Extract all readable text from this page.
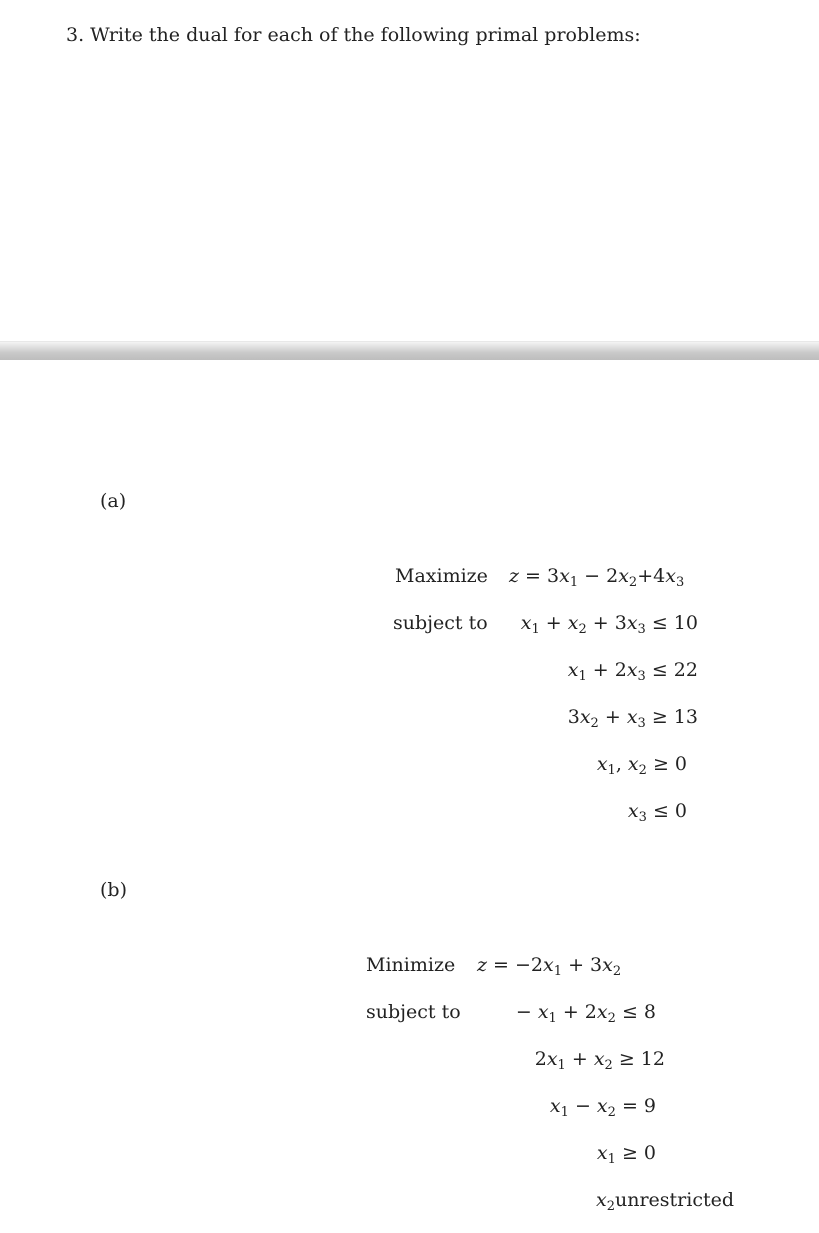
3. Write the dual for each of the following primal problems:
(a)
Maximize
subject to
$z = 3x_1 - 2x_2+4x_3$
$x_1 + x_2 + 3x_3 \le 10$
$x_1 + 2x_3 \le 22$
$3x_2 + x_3 \ge 13$
$x_1$, $x_2 \ge 0$
$x_3 \le 0$
(b)
Minimize
subject to
$z = -2x_1 + 3x_2$
− $x_1 + 2x_2 \le 8$
$2x_1 + x_2 \ge 12$
$x_1 - x_2 = 9$
$x_1 \ge 0$
$x_2unrestricted$
